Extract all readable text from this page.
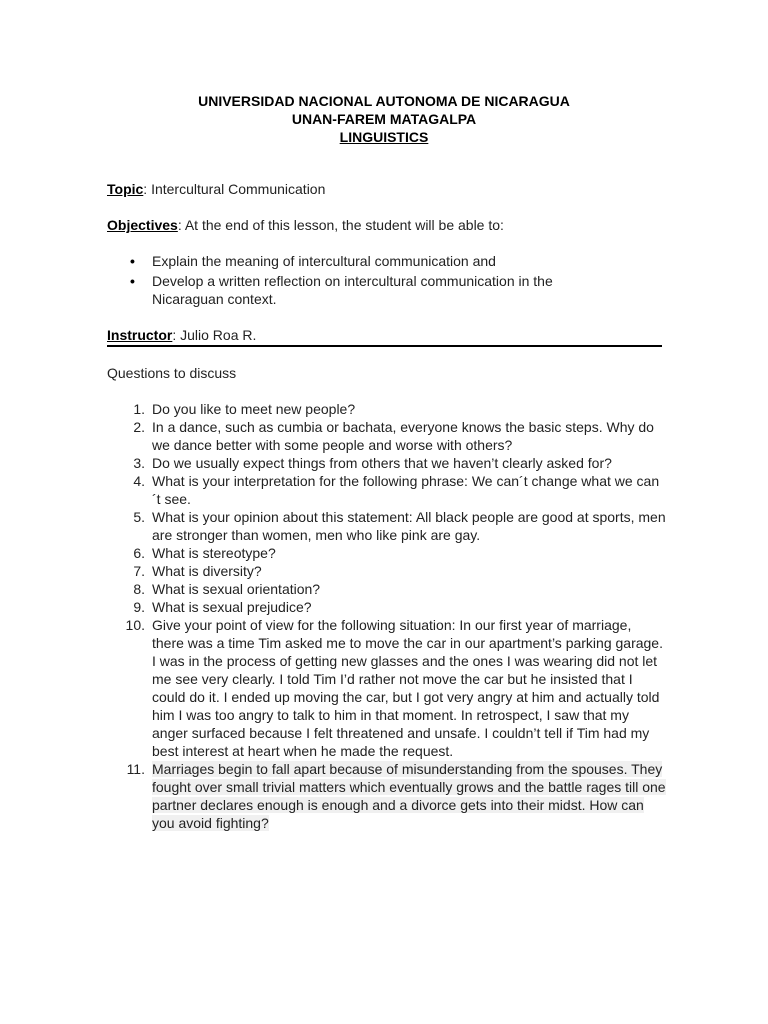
UNIVERSIDAD NACIONAL AUTONOMA DE NICARAGUA
UNAN-FAREM MATAGALPA
LINGUISTICS
Topic: Intercultural Communication
Objectives: At the end of this lesson, the student will be able to:
• Explain the meaning of intercultural communication and
• Develop a written reflection on intercultural communication in the Nicaraguan context.
Instructor: Julio Roa R.
Questions to discuss
1. Do you like to meet new people?
2. In a dance, such as cumbia or bachata, everyone knows the basic steps. Why do we dance better with some people and worse with others?
3. Do we usually expect things from others that we haven’t clearly asked for?
4. What is your interpretation for the following phrase: We can´t change what we can´t see.
5. What is your opinion about this statement: All black people are good at sports, men are stronger than women, men who like pink are gay.
6. What is stereotype?
7. What is diversity?
8. What is sexual orientation?
9. What is sexual prejudice?
10. Give your point of view for the following situation: In our first year of marriage, there was a time Tim asked me to move the car in our apartment’s parking garage. I was in the process of getting new glasses and the ones I was wearing did not let me see very clearly. I told Tim I’d rather not move the car but he insisted that I could do it. I ended up moving the car, but I got very angry at him and actually told him I was too angry to talk to him in that moment. In retrospect, I saw that my anger surfaced because I felt threatened and unsafe. I couldn’t tell if Tim had my best interest at heart when he made the request.
11. Marriages begin to fall apart because of misunderstanding from the spouses. They fought over small trivial matters which eventually grows and the battle rages till one partner declares enough is enough and a divorce gets into their midst. How can you avoid fighting?
